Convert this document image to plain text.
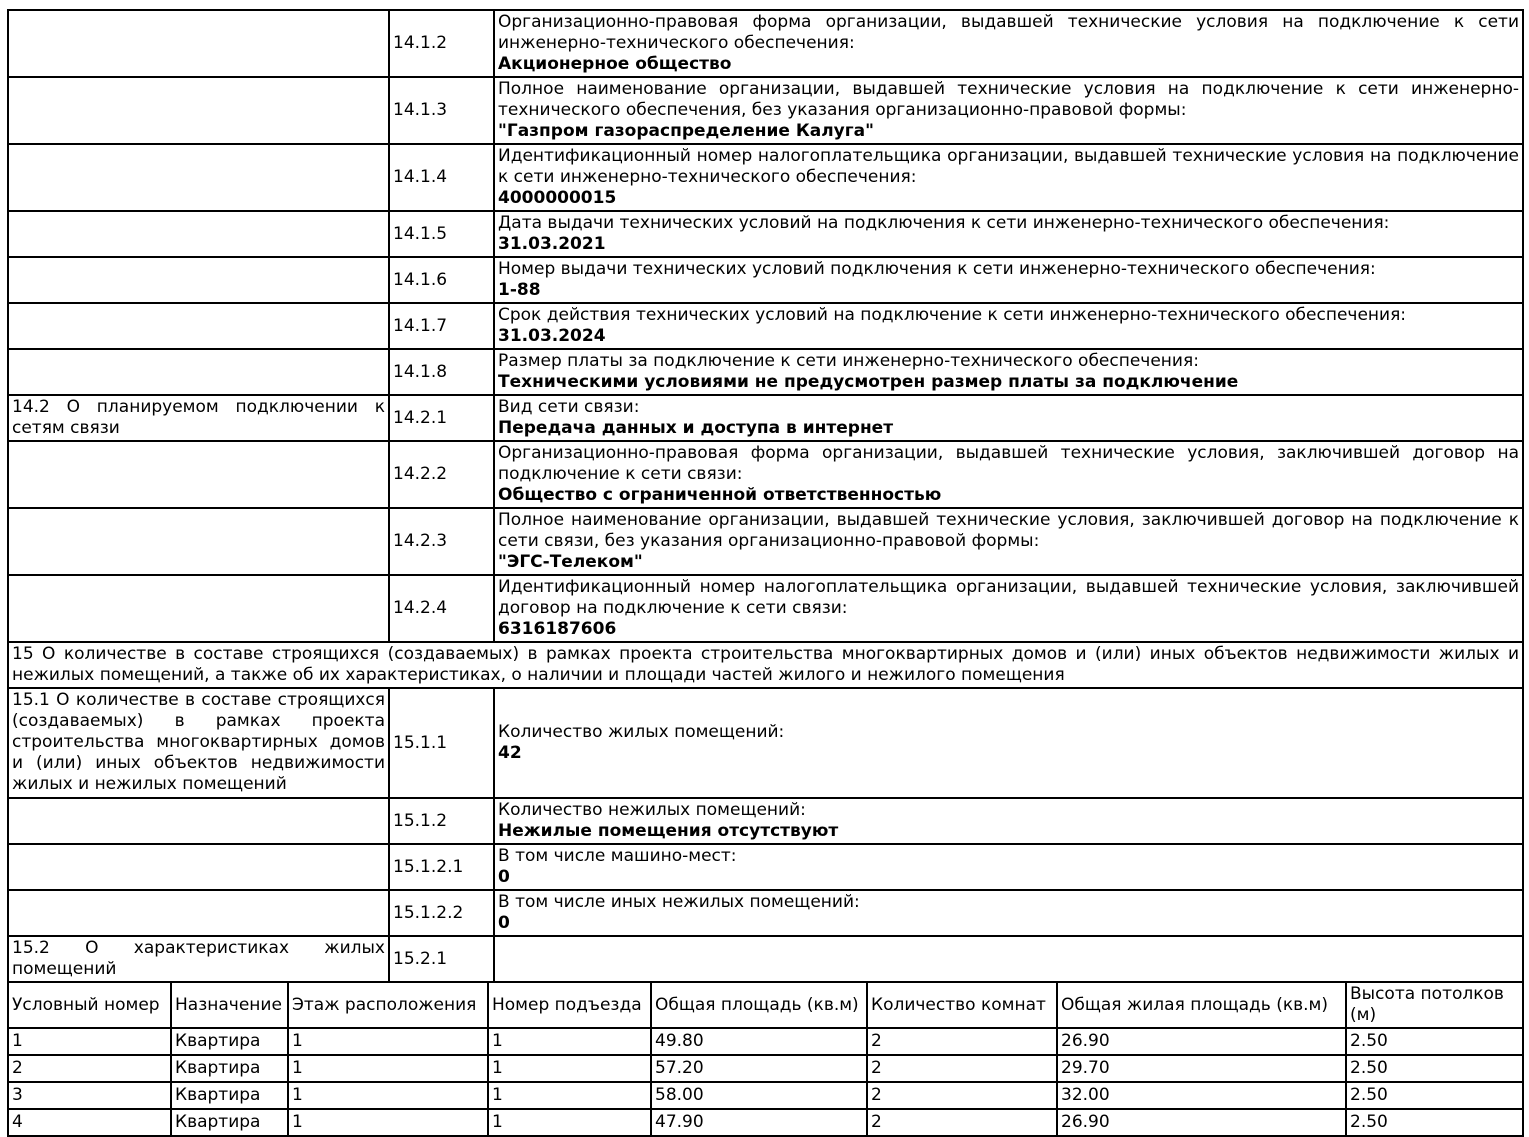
	14.1.2	Организационно-правовая форма организации, выдавшей технические условия на подключение к сети инженерно-технического обеспечения:
Акционерное общество

	14.1.3	Полное наименование организации, выдавшей технические условия на подключение к сети инженерно-технического обеспечения, без указания организационно-правовой формы:
"Газпром газораспределение Калуга"

	14.1.4	Идентификационный номер налогоплательщика организации, выдавшей технические условия на подключение к сети инженерно-технического обеспечения:
4000000015

	14.1.5	Дата выдачи технических условий на подключения к сети инженерно-технического обеспечения:
31.03.2021

	14.1.6	Номер выдачи технических условий подключения к сети инженерно-технического обеспечения:
1-88

	14.1.7	Срок действия технических условий на подключение к сети инженерно-технического обеспечения:
31.03.2024

	14.1.8	Размер платы за подключение к сети инженерно-технического обеспечения:
Техническими условиями не предусмотрен размер платы за подключение

14.2 О планируемом подключении к сетям связи	14.2.1	Вид сети связи:
Передача данных и доступа в интернет

	14.2.2	Организационно-правовая форма организации, выдавшей технические условия, заключившей договор на подключение к сети связи:
Общество с ограниченной ответственностью

	14.2.3	Полное наименование организации, выдавшей технические условия, заключившей договор на подключение к сети связи, без указания организационно-правовой формы:
"ЭГС-Телеком"

	14.2.4	Идентификационный номер налогоплательщика организации, выдавшей технические условия, заключившей договор на подключение к сети связи:
6316187606

15 О количестве в составе строящихся (создаваемых) в рамках проекта строительства многоквартирных домов и (или) иных объектов недвижимости жилых и нежилых помещений, а также об их характеристиках, о наличии и площади частей жилого и нежилого помещения		
15.1 О количестве в составе строящихся (создаваемых) в рамках проекта строительства многоквартирных домов и (или) иных объектов недвижимости жилых и нежилых помещений	15.1.1	Количество жилых помещений:
42

	15.1.2	Количество нежилых помещений:
Нежилые помещения отсутствуют

	15.1.2.1	В том числе машино-мест:
0

	15.1.2.2	В том числе иных нежилых помещений:
0

15.2 О характеристиках жилых помещений	15.2.1	
Условный номер	Назначение	Этаж расположения	Номер подъезда	Общая площадь (кв.м)	Количество комнат	Общая жилая площадь (кв.м)	Высота потолков (м)
1	Квартира	1	1	49.80	2	26.90	2.50
2	Квартира	1	1	57.20	2	29.70	2.50
3	Квартира	1	1	58.00	2	32.00	2.50
4	Квартира	1	1	47.90	2	26.90	2.50
